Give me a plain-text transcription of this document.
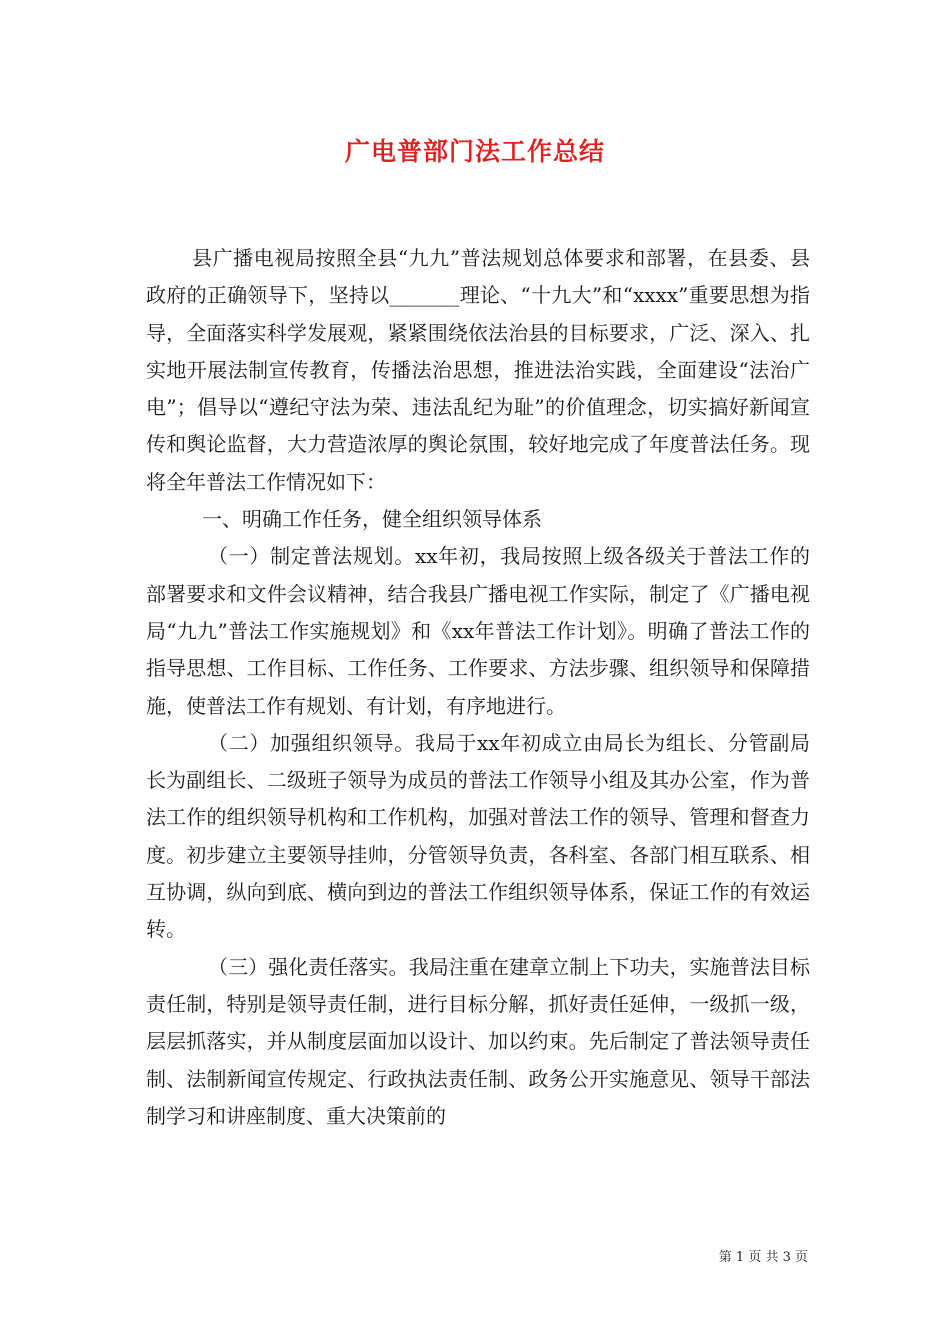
广电普部门法工作总结

县广播电视局按照全县“九九”普法规划总体要求和部署，在县委、县政府的正确领导下，坚持以_______理论、“十九大”和“xxxx”重要思想为指导，全面落实科学发展观，紧紧围绕依法治县的目标要求，广泛、深入、扎实地开展法制宣传教育，传播法治思想，推进法治实践，全面建设“法治广电”；倡导以“遵纪守法为荣、违法乱纪为耻”的价值理念，切实搞好新闻宣传和舆论监督，大力营造浓厚的舆论氛围，较好地完成了年度普法任务。现将全年普法工作情况如下：

一、明确工作任务，健全组织领导体系

（一）制定普法规划。xx年初，我局按照上级各级关于普法工作的部署要求和文件会议精神，结合我县广播电视工作实际，制定了《广播电视局“九九”普法工作实施规划》和《xx年普法工作计划》。明确了普法工作的指导思想、工作目标、工作任务、工作要求、方法步骤、组织领导和保障措施，使普法工作有规划、有计划，有序地进行。

（二）加强组织领导。我局于xx年初成立由局长为组长、分管副局长为副组长、二级班子领导为成员的普法工作领导小组及其办公室，作为普法工作的组织领导机构和工作机构，加强对普法工作的领导、管理和督查力度。初步建立主要领导挂帅，分管领导负责，各科室、各部门相互联系、相互协调，纵向到底、横向到边的普法工作组织领导体系，保证工作的有效运转。

（三）强化责任落实。我局注重在建章立制上下功夫，实施普法目标责任制，特别是领导责任制，进行目标分解，抓好责任延伸，一级抓一级，层层抓落实，并从制度层面加以设计、加以约束。先后制定了普法领导责任制、法制新闻宣传规定、行政执法责任制、政务公开实施意见、领导干部法制学习和讲座制度、重大决策前的

第 1 页 共 3 页
